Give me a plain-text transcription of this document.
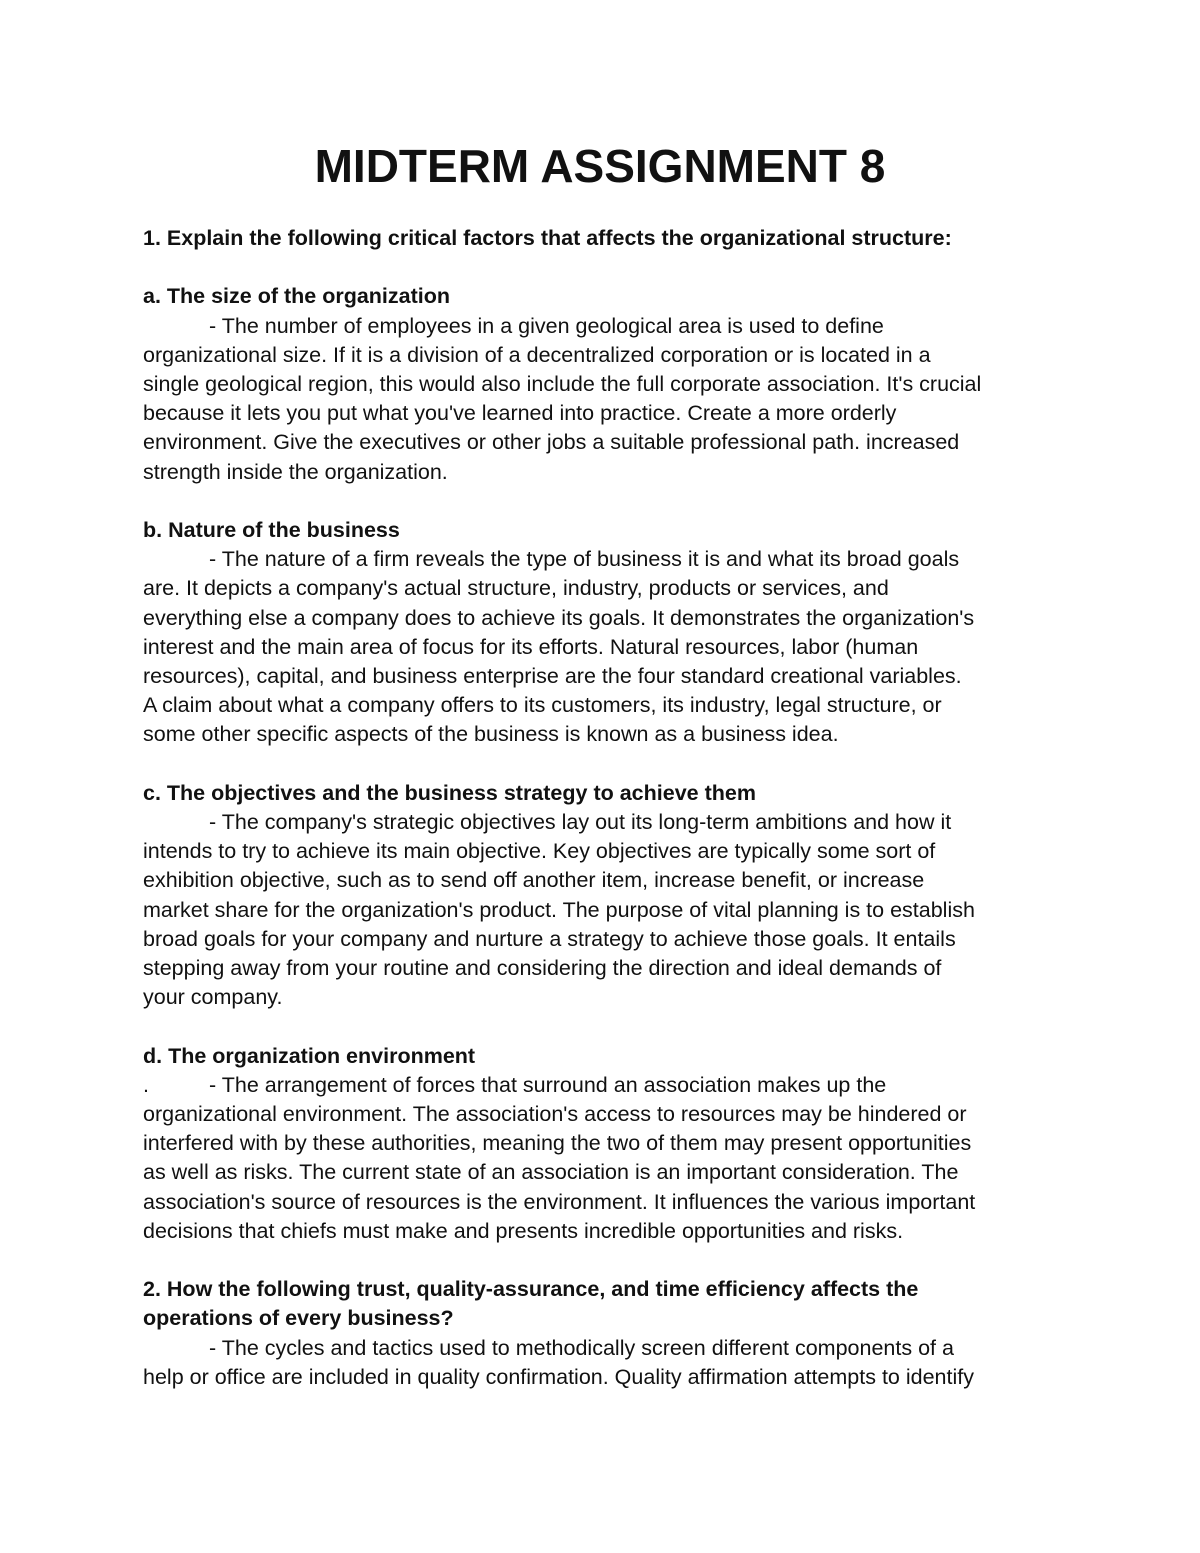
MIDTERM ASSIGNMENT 8

1. Explain the following critical factors that affects the organizational structure:

a. The size of the organization

- The number of employees in a given geological area is used to define

organizational size. If it is a division of a decentralized corporation or is located in a

single geological region, this would also include the full corporate association. It's crucial

because it lets you put what you've learned into practice. Create a more orderly

environment. Give the executives or other jobs a suitable professional path. increased

strength inside the organization.

b. Nature of the business

- The nature of a firm reveals the type of business it is and what its broad goals

are. It depicts a company's actual structure, industry, products or services, and

everything else a company does to achieve its goals. It demonstrates the organization's

interest and the main area of focus for its efforts. Natural resources, labor (human

resources), capital, and business enterprise are the four standard creational variables.

A claim about what a company offers to its customers, its industry, legal structure, or

some other specific aspects of the business is known as a business idea.

c. The objectives and the business strategy to achieve them

- The company's strategic objectives lay out its long-term ambitions and how it

intends to try to achieve its main objective. Key objectives are typically some sort of

exhibition objective, such as to send off another item, increase benefit, or increase

market share for the organization's product. The purpose of vital planning is to establish

broad goals for your company and nurture a strategy to achieve those goals. It entails

stepping away from your routine and considering the direction and ideal demands of

your company.

d. The organization environment

.	- The arrangement of forces that surround an association makes up the

organizational environment. The association's access to resources may be hindered or

interfered with by these authorities, meaning the two of them may present opportunities

as well as risks. The current state of an association is an important consideration. The

association's source of resources is the environment. It influences the various important

decisions that chiefs must make and presents incredible opportunities and risks.

2. How the following trust, quality-assurance, and time efficiency affects the

operations of every business?

- The cycles and tactics used to methodically screen different components of a

help or office are included in quality confirmation. Quality affirmation attempts to identify
